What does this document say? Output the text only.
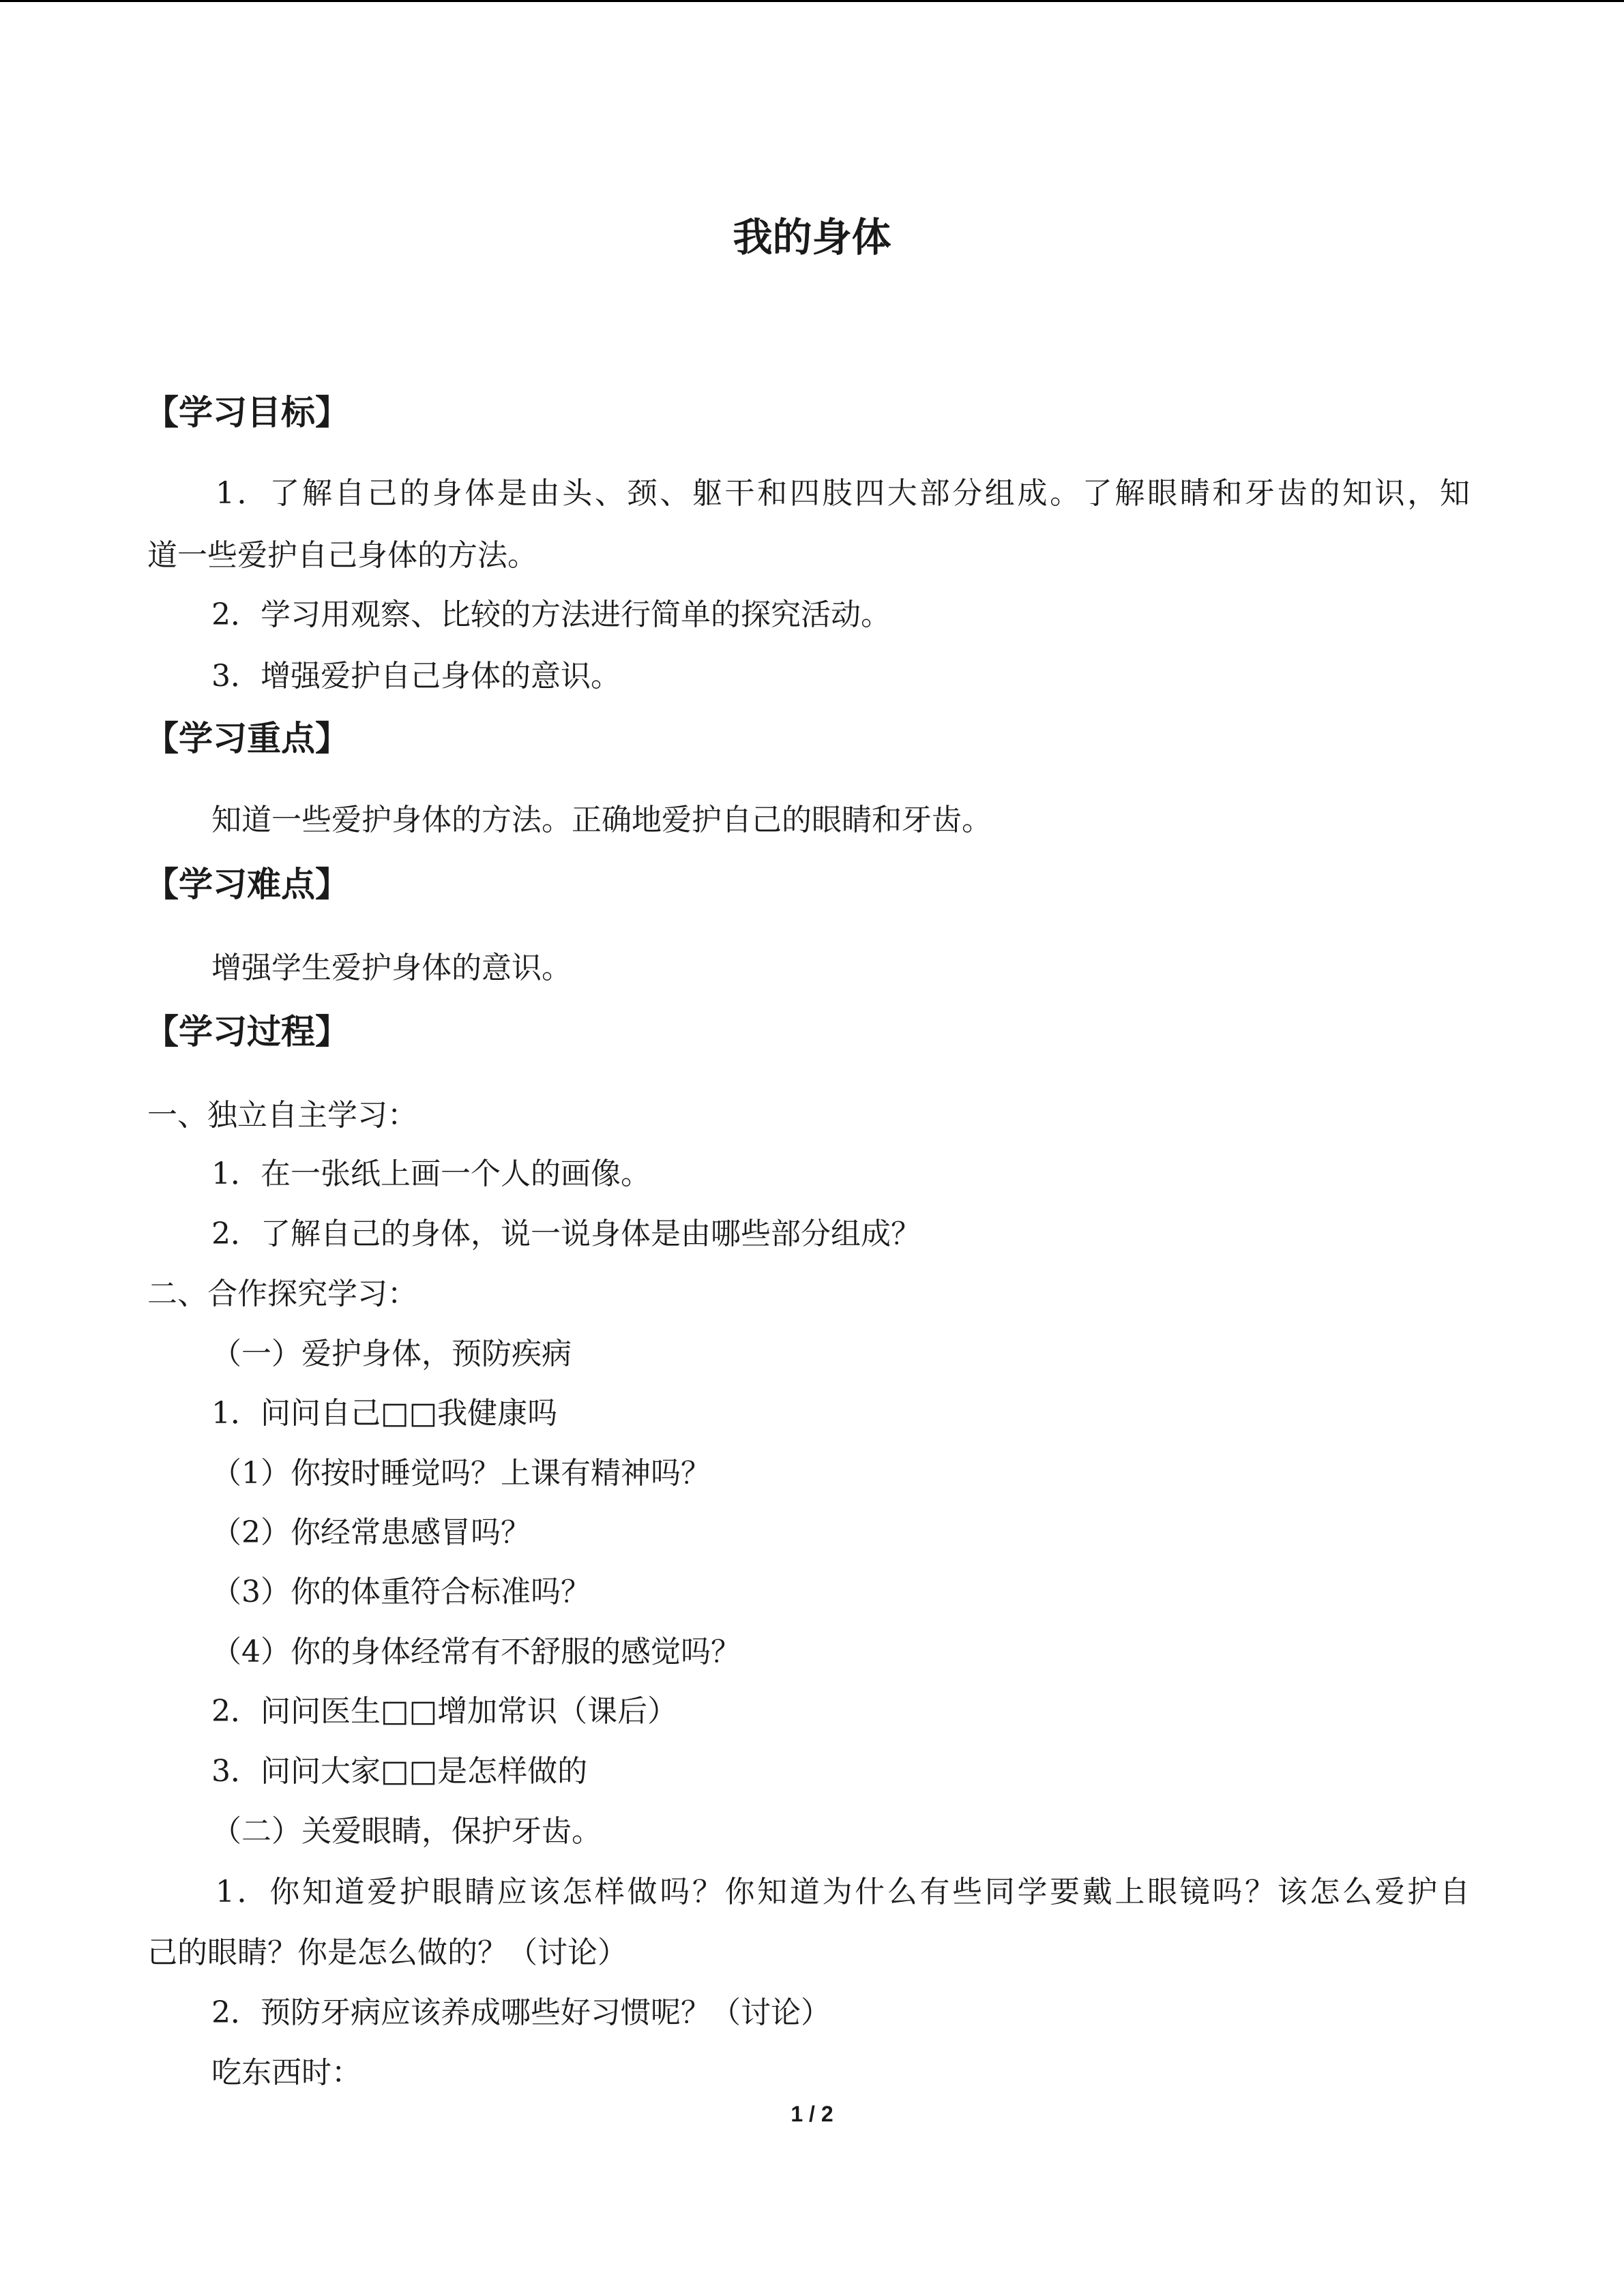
我的身体
【学习目标】
1．了解自己的身体是由头、颈、躯干和四肢四大部分组成。了解眼睛和牙齿的知识，知
道一些爱护自己身体的方法。
2．学习用观察、比较的方法进行简单的探究活动。
3．增强爱护自己身体的意识。
【学习重点】
知道一些爱护身体的方法。正确地爱护自己的眼睛和牙齿。
【学习难点】
增强学生爱护身体的意识。
【学习过程】
一、独立自主学习：
1．在一张纸上画一个人的画像。
2．了解自己的身体，说一说身体是由哪些部分组成？
二、合作探究学习：
（一）爱护身体，预防疾病
1．问问自己□□我健康吗
（1）你按时睡觉吗？上课有精神吗？
（2）你经常患感冒吗？
（3）你的体重符合标准吗？
（4）你的身体经常有不舒服的感觉吗？
2．问问医生□□增加常识（课后）
3．问问大家□□是怎样做的
（二）关爱眼睛，保护牙齿。
1．你知道爱护眼睛应该怎样做吗？你知道为什么有些同学要戴上眼镜吗？该怎么爱护自
己的眼睛？你是怎么做的？（讨论）
2．预防牙病应该养成哪些好习惯呢？（讨论）
吃东西时：
1 / 2
